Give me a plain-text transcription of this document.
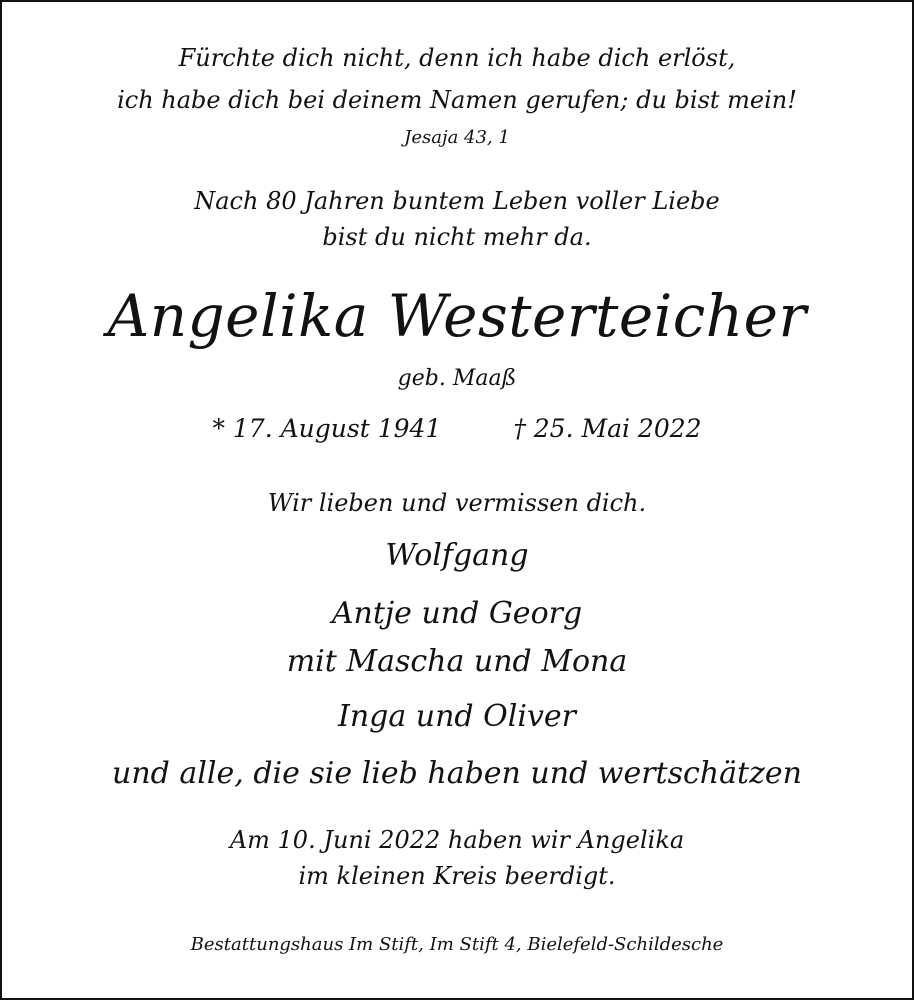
Fürchte dich nicht, denn ich habe dich erlöst,
ich habe dich bei deinem Namen gerufen; du bist mein!
Jesaja 43, 1
Nach 80 Jahren buntem Leben voller Liebe
bist du nicht mehr da.
Angelika Westerteicher
geb. Maaß
* 17. August 1941	† 25. Mai 2022
Wir lieben und vermissen dich.
Wolfgang
Antje und Georg
mit Mascha und Mona
Inga und Oliver
und alle, die sie lieb haben und wertschätzen
Am 10. Juni 2022 haben wir Angelika
im kleinen Kreis beerdigt.
Bestattungshaus Im Stift, Im Stift 4, Bielefeld-Schildesche
